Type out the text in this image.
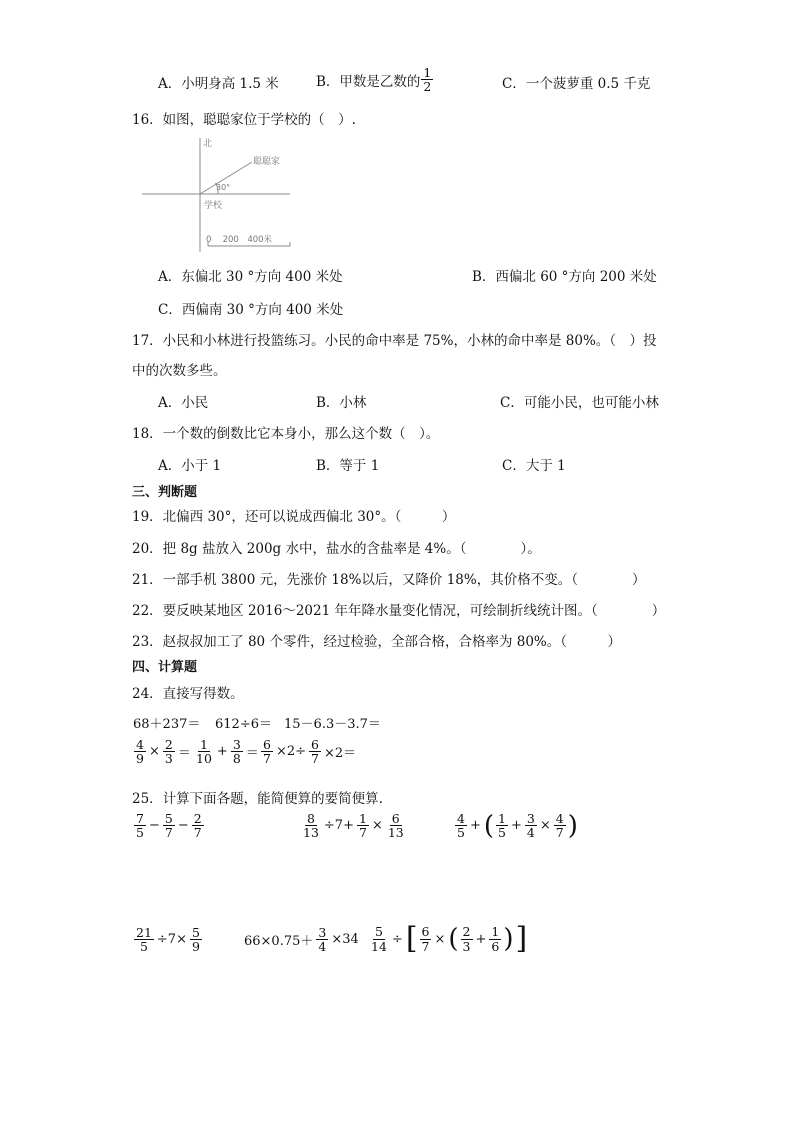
A．小明身高 1.5 米	B．甲数是乙数的 $\frac{1}{2}$	C．一个菠萝重 0.5 千克
16．如图，聪聪家位于学校的（　）.
北
聪聪家
30°
学校
0　 200　400米
A．东偏北 30 °方向 400 米处	B．西偏北 60 °方向 200 米处
C．西偏南 30 °方向 400 米处
17．小民和小林进行投篮练习。小民的命中率是 75%，小林的命中率是 80%。（　）投
中的次数多些。
A．小民	B．小林	C．可能小民，也可能小林
18．一个数的倒数比它本身小，那么这个数（　）。
A．小于 1	B．等于 1	C．大于 1
三、判断题
19．北偏西 30°，还可以说成西偏北 30°。（　　　）
20．把 8g 盐放入 200g 水中，盐水的含盐率是 4%。（　　　　）。
21．一部手机 3800 元，先涨价 18%以后，又降价 18%，其价格不变。（　　　　）
22．要反映某地区 2016～2021 年年降水量变化情况，可绘制折线统计图。（　　　　）
23．赵叔叔加工了 80 个零件，经过检验，全部合格，合格率为 80%。（　　　）
四、计算题
24．直接写得数。
68＋237＝ 612÷6＝ 15－6.3－3.7＝
$\frac{4}{9} \times \frac{2}{3} = \frac{1}{10} + \frac{3}{8} = \frac{6}{7} \times 2\div \frac{6}{7} \times 2=$
25．计算下面各题，能简便算的要简便算.
$\frac{7}{5} - \frac{5}{7} - \frac{2}{7}$	$\frac{8}{13} \div 7+ \frac{1}{7} \times \frac{6}{13}$	$\frac{4}{5}$ + ( $\frac{1}{5} + \frac{3}{4} \times \frac{4}{7}$ )
$\frac{21}{5} \div 7\times \frac{5}{9}$	$66\times 0.75+ \frac{3}{4} \times 34 \frac{5}{14}$ ÷ [ $\frac{6}{7}$ × ( $\frac{2}{3} + \frac{1}{6}$ ) ]
